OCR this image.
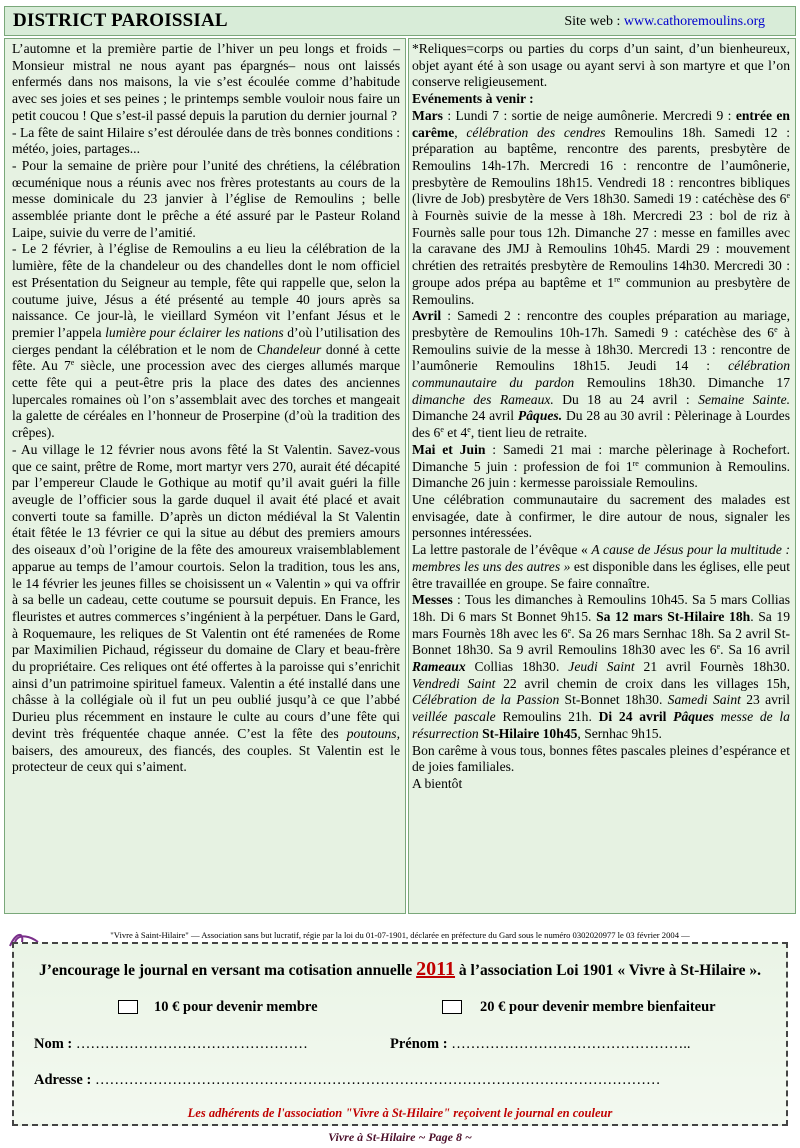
DISTRICT PAROISSIAL	Site web : www.cathoremoulins.org

L’automne et la première partie de l’hiver un peu longs et froids –Monsieur mistral ne nous ayant pas épargnés– nous ont laissés enfermés dans nos maisons, la vie s’est écoulée comme d’habitude avec ses joies et ses peines ; le printemps semble vouloir nous faire un petit coucou ! Que s’est-il passé depuis la parution du dernier journal ?

- La fête de saint Hilaire s’est déroulée dans de très bonnes conditions : météo, joies, partages...

- Pour la semaine de prière pour l’unité des chrétiens, la célébration œcuménique nous a réunis avec nos frères protestants au cours de la messe dominicale du 23 janvier à l’église de Remoulins ; belle assemblée priante dont le prêche a été assuré par le Pasteur Roland Laipe, suivie du verre de l’amitié.

- Le 2 février, à l’église de Remoulins a eu lieu la célébration de la lumière, fête de la chandeleur ou des chandelles dont le nom officiel est Présentation du Seigneur au temple, fête qui rappelle que, selon la coutume juive, Jésus a été présenté au temple 40 jours après sa naissance. Ce jour-là, le vieillard Syméon vit l’enfant Jésus et le premier l’appela lumière pour éclairer les nations d’où l’utilisation des cierges pendant la célébration et le nom de Chandeleur donné à cette fête. Au 7e siècle, une procession avec des cierges allumés marque cette fête qui a peut-être pris la place des dates des anciennes lupercales romaines où l’on s’assemblait avec des torches et mangeait la galette de céréales en l’honneur de Proserpine (d’où la tradition des crêpes).

- Au village le 12 février nous avons fêté la St Valentin. Savez-vous que ce saint, prêtre de Rome, mort martyr vers 270, aurait été décapité par l’empereur Claude le Gothique au motif qu’il avait guéri la fille aveugle de l’officier sous la garde duquel il avait été placé et avait converti toute sa famille. D’après un dicton médiéval la St Valentin était fêtée le 13 février ce qui la situe au début des premiers amours des oiseaux d’où l’origine de la fête des amoureux vraisemblablement apparue au temps de l’amour courtois. Selon la tradition, tous les ans, le 14 février les jeunes filles se choisissent un « Valentin » qui va offrir à sa belle un cadeau, cette coutume se poursuit depuis. En France, les fleuristes et autres commerces s’ingénient à la perpétuer. Dans le Gard, à Roquemaure, les reliques de St Valentin ont été ramenées de Rome par Maximilien Pichaud, régisseur du domaine de Clary et beau-frère du propriétaire. Ces reliques ont été offertes à la paroisse qui s’enrichit ainsi d’un patrimoine spirituel fameux. Valentin a été installé dans une châsse à la collégiale où il fut un peu oublié jusqu’à ce que l’abbé Durieu plus récemment en instaure le culte au cours d’une fête qui devint très fréquentée chaque année. C’est la fête des poutouns, baisers, des amoureux, des fiancés, des couples. St Valentin est le protecteur de ceux qui s’aiment.

*Reliques=corps ou parties du corps d’un saint, d’un bienheureux, objet ayant été à son usage ou ayant servi à son martyre et que l’on conserve religieusement.

Evénements à venir :

Mars : Lundi 7 : sortie de neige aumônerie. Mercredi 9 : entrée en carême, célébration des cendres Remoulins 18h. Samedi 12 : préparation au baptême, rencontre des parents, presbytère de Remoulins 14h-17h. Mercredi 16 : rencontre de l’aumônerie, presbytère de Remoulins 18h15. Vendredi 18 : rencontres bibliques (livre de Job) presbytère de Vers 18h30. Samedi 19 : catéchèse des 6e à Fournès suivie de la messe à 18h. Mercredi 23 : bol de riz à Fournès salle pour tous 12h. Dimanche 27 : messe en familles avec la caravane des JMJ à Remoulins 10h45. Mardi 29 : mouvement chrétien des retraités presbytère de Remoulins 14h30. Mercredi 30 : groupe ados prépa au baptême et 1re communion au presbytère de Remoulins.

Avril : Samedi 2 : rencontre des couples préparation au mariage, presbytère de Remoulins 10h-17h. Samedi 9 : catéchèse des 6e à Remoulins suivie de la messe à 18h30. Mercredi 13 : rencontre de l’aumônerie Remoulins 18h15. Jeudi 14 : célébration communautaire du pardon Remoulins 18h30. Dimanche 17 dimanche des Rameaux. Du 18 au 24 avril : Semaine Sainte. Dimanche 24 avril Pâques. Du 28 au 30 avril : Pèlerinage à Lourdes des 6e et 4e, tient lieu de retraite.

Mai et Juin : Samedi 21 mai : marche pèlerinage à Rochefort. Dimanche 5 juin : profession de foi 1re communion à Remoulins. Dimanche 26 juin : kermesse paroissiale Remoulins.

Une célébration communautaire du sacrement des malades est envisagée, date à confirmer, le dire autour de nous, signaler les personnes intéressées.

La lettre pastorale de l’évêque « A cause de Jésus pour la multitude : membres les uns des autres » est disponible dans les églises, elle peut être travaillée en groupe. Se faire connaître.

Messes : Tous les dimanches à Remoulins 10h45. Sa 5 mars Collias 18h. Di 6 mars St Bonnet 9h15. Sa 12 mars St-Hilaire 18h. Sa 19 mars Fournès 18h avec les 6e. Sa 26 mars Sernhac 18h. Sa 2 avril St-Bonnet 18h30. Sa 9 avril Remoulins 18h30 avec les 6e. Sa 16 avril Rameaux Collias 18h30. Jeudi Saint 21 avril Fournès 18h30. Vendredi Saint 22 avril chemin de croix dans les villages 15h, Célébration de la Passion St-Bonnet 18h30. Samedi Saint 23 avril veillée pascale Remoulins 21h. Di 24 avril Pâques messe de la résurrection St-Hilaire 10h45, Sernhac 9h15.

Bon carême à vous tous, bonnes fêtes pascales pleines d’espérance et de joies familiales.

A bientôt

"Vivre à Saint-Hilaire" — Association sans but lucratif, régie par la loi du 01-07-1901, déclarée en préfecture du Gard sous le numéro 0302020977 le 03 février 2004 —
J’encourage le journal en versant ma cotisation annuelle 2011 à l’association Loi 1901 « Vivre à St-Hilaire ».
10 € pour devenir membre	20 € pour devenir membre bienfaiteur
Nom : …………………………………………	Prénom : …………………………………………..
Adresse : ………………………………………………………………………………………………………
Les adhérents de l'association "Vivre à St-Hilaire" reçoivent le journal en couleur
Vivre à St-Hilaire ~ Page 8 ~
